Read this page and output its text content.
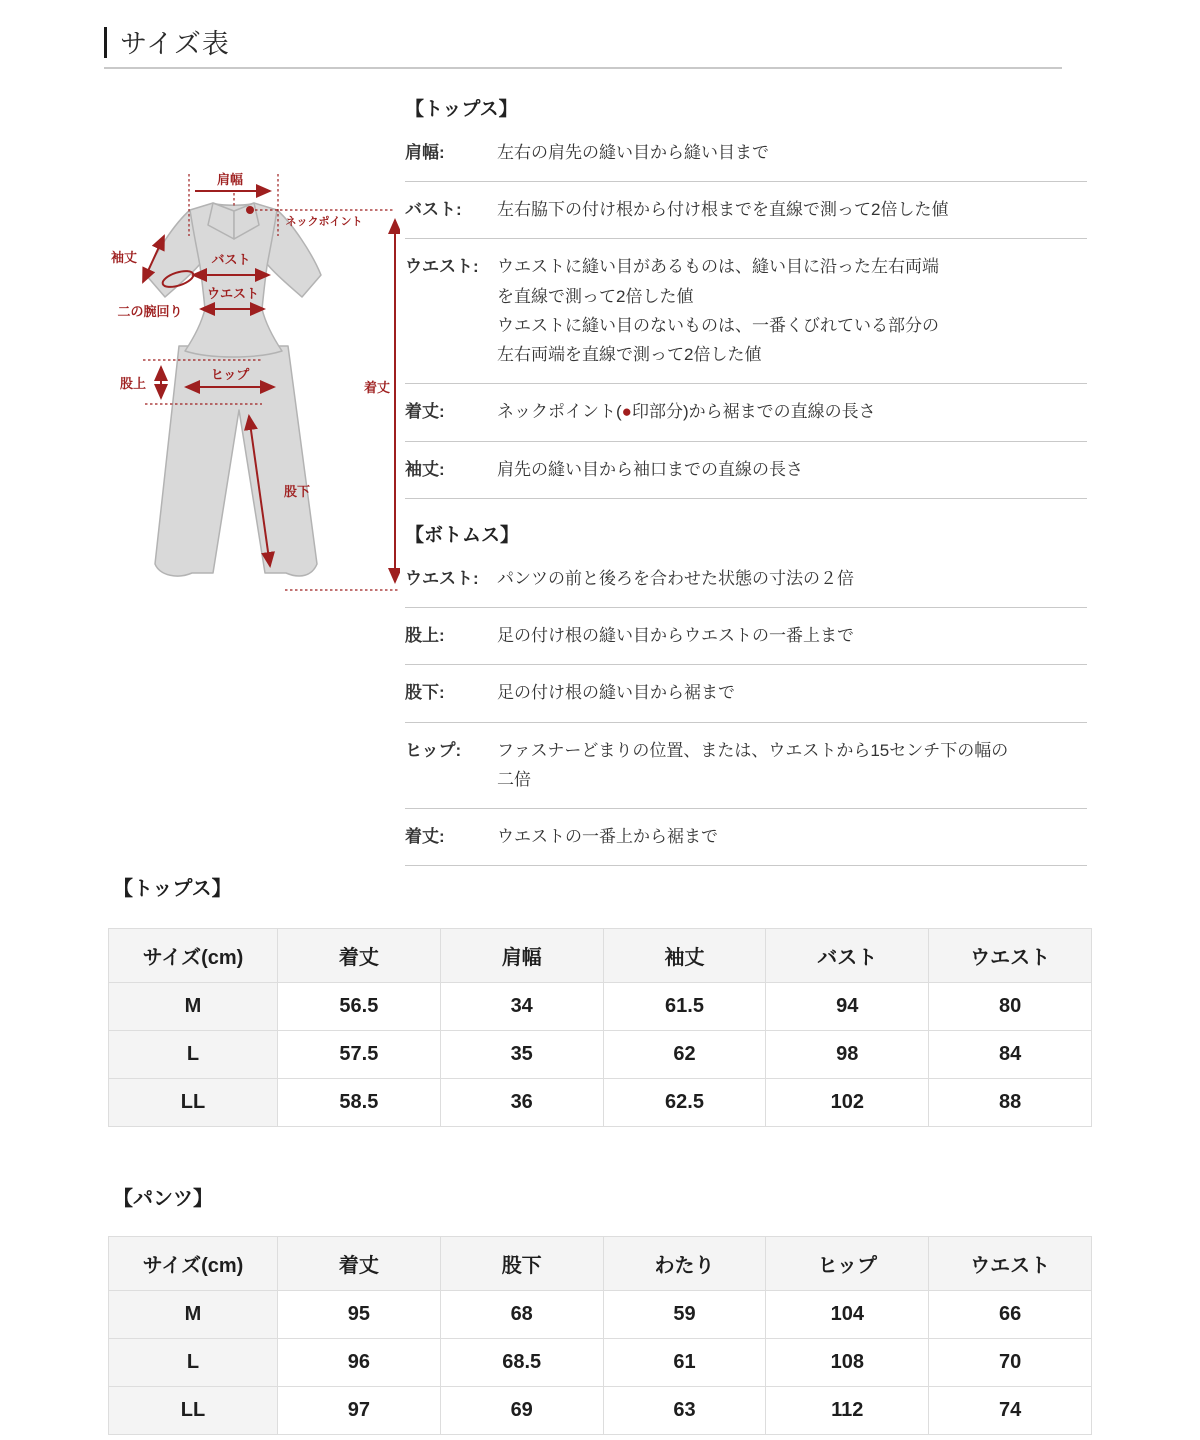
サイズ表
肩幅
ネックポイント
袖丈	バスト
ウエスト
二の腕回り
股上
ヒップ
着丈
股下
【トップス】
肩幅:	左右の肩先の縫い目から縫い目まで
バスト:	左右脇下の付け根から付け根までを直線で測って2倍した値
ウエスト:	ウエストに縫い目があるものは、縫い目に沿った左右両端
を直線で測って2倍した値
ウエストに縫い目のないものは、一番くびれている部分の
左右両端を直線で測って2倍した値
着丈:	ネックポイント(●印部分)から裾までの直線の長さ
袖丈:	肩先の縫い目から袖口までの直線の長さ
【ボトムス】
ウエスト:	パンツの前と後ろを合わせた状態の寸法の２倍
股上:	足の付け根の縫い目からウエストの一番上まで
股下:	足の付け根の縫い目から裾まで
ヒップ:	ファスナーどまりの位置、または、ウエストから15センチ下の幅の
二倍
着丈:	ウエストの一番上から裾まで
【トップス】
サイズ(cm)	着丈	肩幅	袖丈	バスト	ウエスト
M	56.5	34	61.5	94	80
L	57.5	35	62	98	84
LL	58.5	36	62.5	102	88
【パンツ】
サイズ(cm)	着丈	股下	わたり	ヒップ	ウエスト
M	95	68	59	104	66
L	96	68.5	61	108	70
LL	97	69	63	112	74
